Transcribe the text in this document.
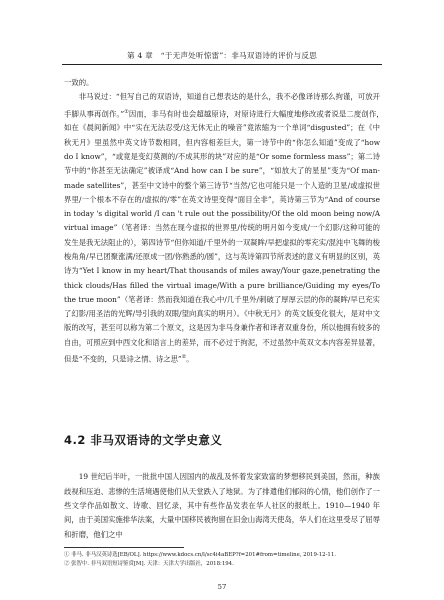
第 4 章　“于无声处听惊雷”：非马双语诗的评价与反思

一致的。

非马说过：“但写自己的双语诗，知道自己想表达的是什么，我不必像译诗那么拘谨，可放开手脚从事再创作。”①因而，非马有时也会超越原诗，对原诗进行大幅度地修改或者说是二度创作，　如在《晨间新闻》中“实在无法忍受/这无休无止的噪音”竟浓缩为一个单词“disgusted”；在《中秋无月》里虽然中英文诗节数相同，但内容相差巨大，第一诗节中的“你怎么知道”变成了“how do I know”，“或竟是变幻莫测的/不成其形的块”对应的是“Or some formless mass”；第二诗节中的“你甚至无法确定”被译成“And how can I be sure”，“如放大了的星星”变为“Of man-made satellites”，甚至中文诗中的整个第三诗节“当然/它也可能只是一个人造的卫星/或虚拟世界里/一个根本不存在的/虚拟的/零”在英文诗里变得“面目全非”，英诗第三节为“And of course in today 's digital world /I can 't rule out the possibility/Of the old moon being now/A virtual image”（笔者译：当然在现今虚拟的世界里/传统的明月如今变成/一个幻影/这种可能的发生是我无法阻止的），第四诗节“但你知道/千里外的一双凝眸/早把虚拟的零充实/混沌中飞舞的梭梭角角/早已团聚涨满/还原成一团/你熟悉的/圆”，这与英诗第四节所表述的意义有明显的区别，英诗为“Yet I know in my heart/That thousands of miles away/Your gaze,penetrating the thick clouds/Has filled the virtual image/With a pure brilliance/Guiding my eyes/To the true moon”（笔者译：然而我知道在我心中/几千里外/刺破了厚厚云层的你的凝眸/早已充实了幻影/用圣洁的光辉/导引我的双眼/望向真实的明月）。《中秋无月》的英文版变化很大，是对中文版的改写，甚至可以称为第二个原文，这是因为非马身兼作者和译者双重身份，所以他拥有较多的自由，可照应到中西文化和语言上的差异，而不必过于拘泥，不过虽然中英双文本内容差异显著，但是“不变的，只是诗之情、诗之思”②。

4.2 非马双语诗的文学史意义

19 世纪后半叶，一批批中国人因国内的战乱及怀着发家致富的梦想移民到美国，然而，种族歧视和压迫、悲惨的生活境遇使他们从天堂跌入了地狱。为了排遣他们郁闷的心情，他们创作了一些文学作品如散文、诗歌、回忆录，其中有些作品发表在华人社区的报纸上。1910—1940 年间，由于美国实施排华法案，大量中国移民被拘留在旧金山海湾天使岛，华人们在这里受尽了屈辱和折磨，他们之中

① 非马. 非马汉英诗选[EB/OL]. https://www.kdocs.cn/l/sc4i4aBEP?f=201#from=timeline, 2019-12-11.
② 张智中. 非马双语短诗鉴赏[M]. 天津：天津大学出版社，2018:194.
57
